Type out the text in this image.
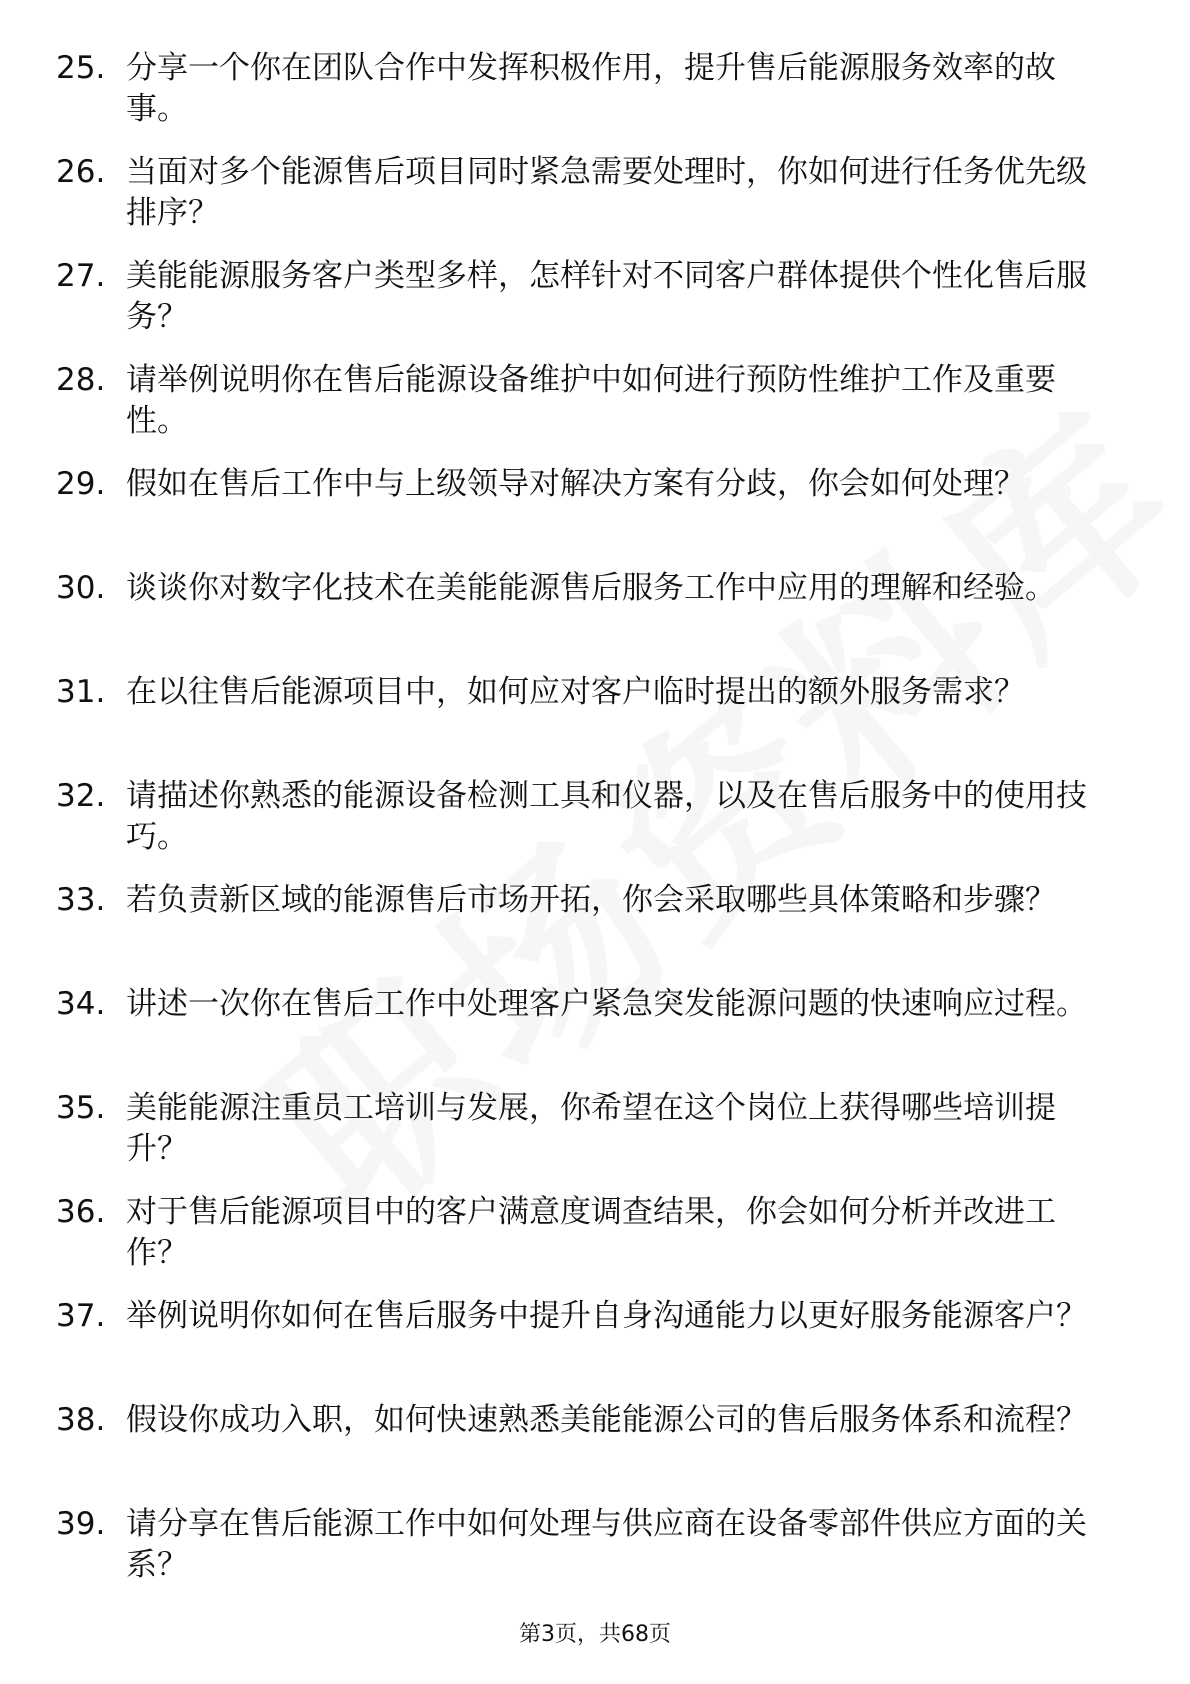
25. 分享一个你在团队合作中发挥积极作用，提升售后能源服务效率的故事。
26. 当面对多个能源售后项目同时紧急需要处理时，你如何进行任务优先级排序？
27. 美能能源服务客户类型多样，怎样针对不同客户群体提供个性化售后服务？
28. 请举例说明你在售后能源设备维护中如何进行预防性维护工作及重要性。
29. 假如在售后工作中与上级领导对解决方案有分歧，你会如何处理？
30. 谈谈你对数字化技术在美能能源售后服务工作中应用的理解和经验。
31. 在以往售后能源项目中，如何应对客户临时提出的额外服务需求？
32. 请描述你熟悉的能源设备检测工具和仪器，以及在售后服务中的使用技巧。
33. 若负责新区域的能源售后市场开拓，你会采取哪些具体策略和步骤？
34. 讲述一次你在售后工作中处理客户紧急突发能源问题的快速响应过程。
35. 美能能源注重员工培训与发展，你希望在这个岗位上获得哪些培训提升？
36. 对于售后能源项目中的客户满意度调查结果，你会如何分析并改进工作？
37. 举例说明你如何在售后服务中提升自身沟通能力以更好服务能源客户？
38. 假设你成功入职，如何快速熟悉美能能源公司的售后服务体系和流程？
39. 请分享在售后能源工作中如何处理与供应商在设备零部件供应方面的关系？
第3页，共68页
